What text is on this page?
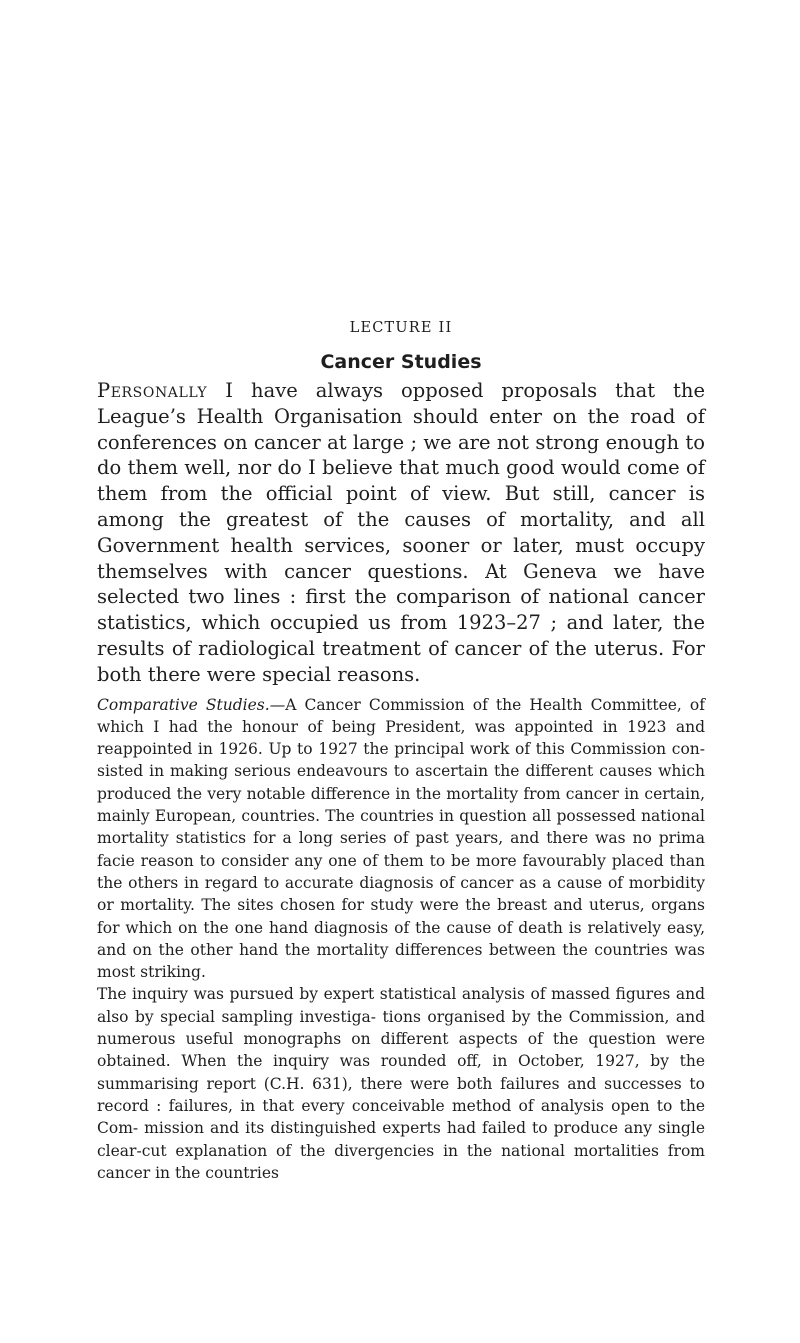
LECTURE II
Cancer Studies

Personally I have always opposed proposals that the League’s Health Organisation should enter on the road of conferences on cancer at large ; we are not strong enough to do them well, nor do I believe that much good would come of them from the official point of view. But still, cancer is among the greatest of the causes of mortality, and all Government health services, sooner or later, must occupy themselves with cancer questions. At Geneva we have selected two lines : first the comparison of national cancer statistics, which occupied us from 1923–27 ; and later, the results of radiological treatment of cancer of the uterus. For both there were special reasons.

Comparative Studies.—A Cancer Commission of the Health Committee, of which I had the honour of being President, was appointed in 1923 and reappointed in 1926. Up to 1927 the principal work of this Commission con- sisted in making serious endeavours to ascertain the different causes which produced the very notable difference in the mortality from cancer in certain, mainly European, countries. The countries in question all possessed national mortality statistics for a long series of past years, and there was no prima facie reason to consider any one of them to be more favourably placed than the others in regard to accurate diagnosis of cancer as a cause of morbidity or mortality. The sites chosen for study were the breast and uterus, organs for which on the one hand diagnosis of the cause of death is relatively easy, and on the other hand the mortality differences between the countries was most striking.

The inquiry was pursued by expert statistical analysis of massed figures and also by special sampling investiga- tions organised by the Commission, and numerous useful monographs on different aspects of the question were obtained. When the inquiry was rounded off, in October, 1927, by the summarising report (C.H. 631), there were both failures and successes to record : failures, in that every conceivable method of analysis open to the Com- mission and its distinguished experts had failed to produce any single clear-cut explanation of the divergencies in the national mortalities from cancer in the countries
